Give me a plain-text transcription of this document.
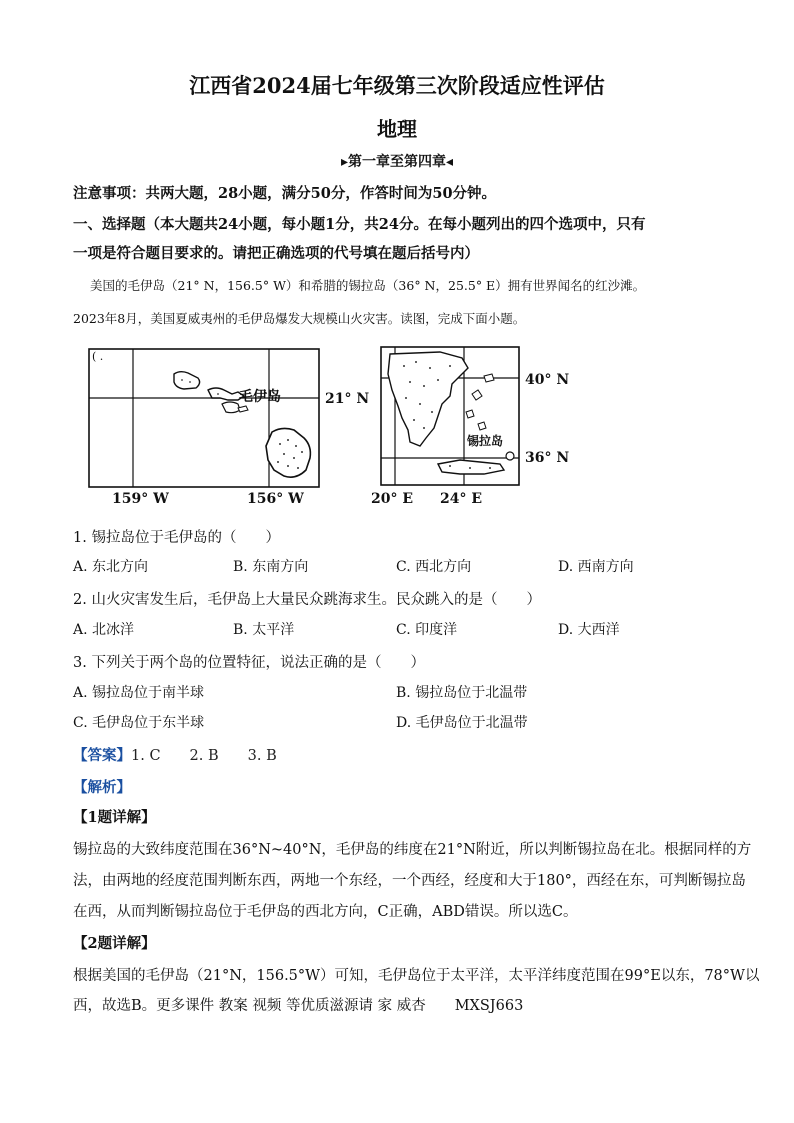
江西省2024届七年级第三次阶段适应性评估
地理
▸第一章至第四章◂
注意事项：共两大题，28小题，满分50分，作答时间为50分钟。
一、选择题（本大题共24小题，每小题1分，共24分。在每小题列出的四个选项中，只有
一项是符合题目要求的。请把正确选项的代号填在题后括号内）
美国的毛伊岛（21° N，156.5° W）和希腊的锡拉岛（36° N，25.5° E）拥有世界闻名的红沙滩。
2023年8月，美国夏威夷州的毛伊岛爆发大规模山火灾害。读图，完成下面小题。
( .
毛伊岛	21° N
159° W	156° W
锡拉岛
40° N
36° N
20° E 24° E
1. 锡拉岛位于毛伊岛的（　　）
A. 东北方向	B. 东南方向	C. 西北方向	D. 西南方向
2. 山火灾害发生后，毛伊岛上大量民众跳海求生。民众跳入的是（　　）
A. 北冰洋	B. 太平洋	C. 印度洋	D. 大西洋
3. 下列关于两个岛的位置特征，说法正确的是（　　）
A. 锡拉岛位于南半球	B. 锡拉岛位于北温带
C. 毛伊岛位于东半球	D. 毛伊岛位于北温带
【答案】1. C　　2. B　　3. B
【解析】
【1题详解】
锡拉岛的大致纬度范围在36°N~40°N，毛伊岛的纬度在21°N附近，所以判断锡拉岛在北。根据同样的方
法，由两地的经度范围判断东西，两地一个东经，一个西经，经度和大于180°，西经在东，可判断锡拉岛
在西，从而判断锡拉岛位于毛伊岛的西北方向，C正确，ABD错误。所以选C。
【2题详解】
根据美国的毛伊岛（21°N，156.5°W）可知，毛伊岛位于太平洋，太平洋纬度范围在99°E以东，78°W以
西，故选B。更多课件 教案 视频 等优质滋源请 家 威杏　　MXSJ663
